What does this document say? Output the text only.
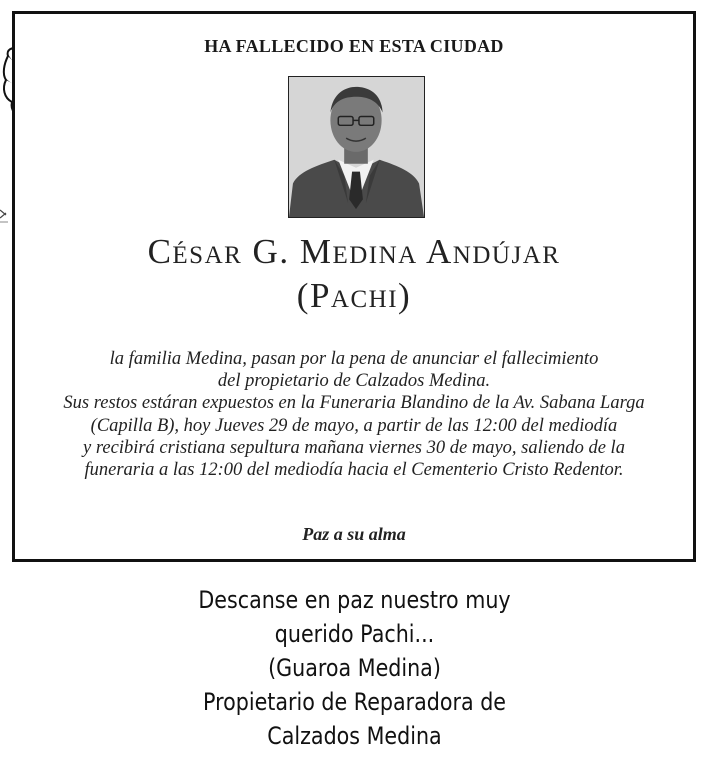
HA FALLECIDO EN ESTA CIUDAD
César G. Medina Andújar
(Pachi)
la familia Medina, pasan por la pena de anunciar el fallecimiento
del propietario de Calzados Medina.
Sus restos estáran expuestos en la Funeraria Blandino de la Av. Sabana Larga
(Capilla B), hoy Jueves 29 de mayo, a partir de las 12:00 del mediodía
y recibirá cristiana sepultura mañana viernes 30 de mayo, saliendo de la
funeraria a las 12:00 del mediodía hacia el Cementerio Cristo Redentor.
Paz a su alma
Descanse en paz nuestro muy
querido Pachi...
(Guaroa Medina)
Propietario de Reparadora de
Calzados Medina
